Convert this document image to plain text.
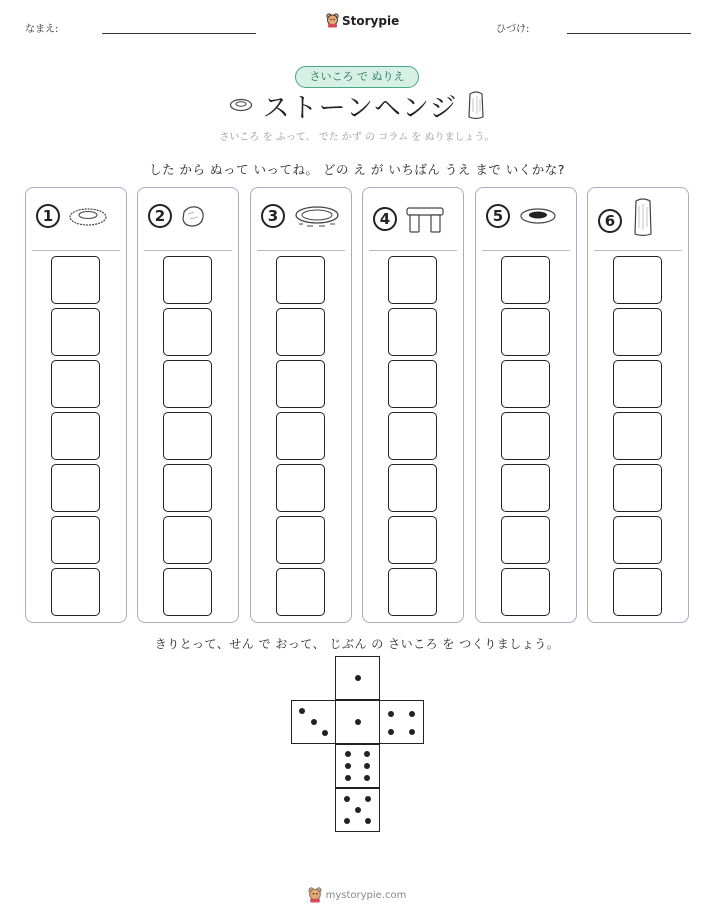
なまえ:
Storypie
ひづけ:
さいころ で ぬりえ
ストーンヘンジ
さいころ を ふって、 でた かず の コラム を ぬりましょう。
した から ぬって いってね。 どの え が いちばん うえ まで いくかな?
1	2	3	4	5	6
きりとって、せん で おって、 じぶん の さいころ を つくりましょう。
mystorypie.com
